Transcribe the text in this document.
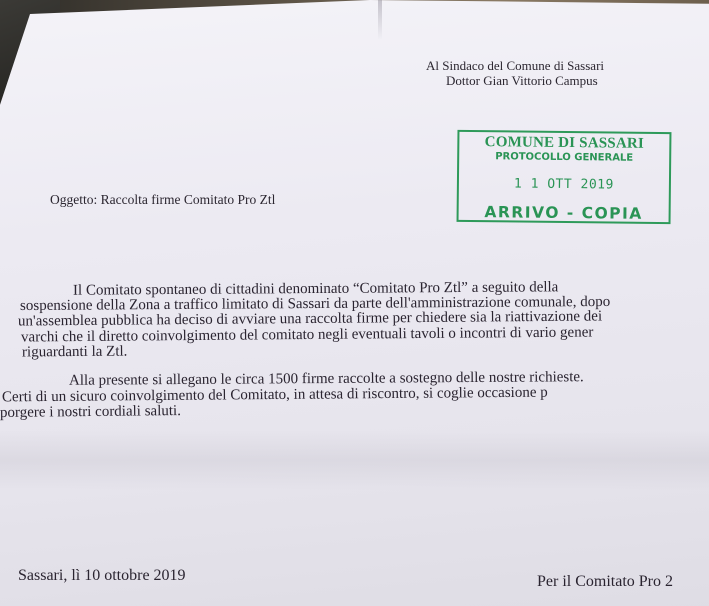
Al Sindaco del Comune di Sassari
Dottor Gian Vittorio Campus
COMUNE DI SASSARI
PROTOCOLLO GENERALE
1 1 OTT 2019
ARRIVO - COPIA
Oggetto: Raccolta firme Comitato Pro Ztl
Il Comitato spontaneo di cittadini denominato “Comitato Pro Ztl” a seguito della
sospensione della Zona a traffico limitato di Sassari da parte dell'amministrazione comunale, dopo
un'assemblea pubblica ha deciso di avviare una raccolta firme per chiedere sia la riattivazione dei
varchi che il diretto coinvolgimento del comitato negli eventuali tavoli o incontri di vario gener
riguardanti la Ztl.
Alla presente si allegano le circa 1500 firme raccolte a sostegno delle nostre richieste.
Certi di un sicuro coinvolgimento del Comitato, in attesa di riscontro, si coglie occasione p
porgere i nostri cordiali saluti.
Sassari, lì 10 ottobre 2019	Per il Comitato Pro 2
